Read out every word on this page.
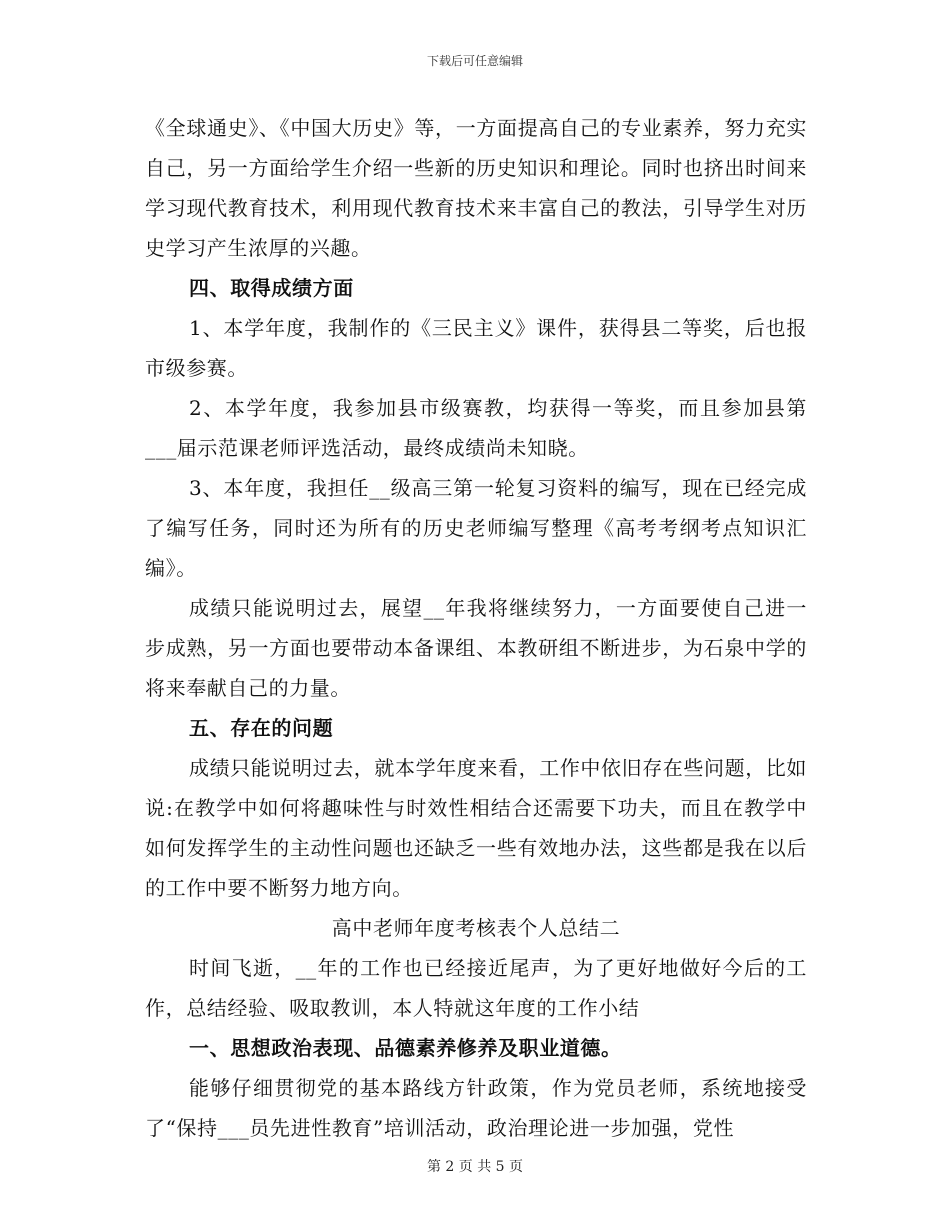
下载后可任意编辑

《全球通史》、《中国大历史》等，一方面提高自己的专业素养，努力充实自己，另一方面给学生介绍一些新的历史知识和理论。同时也挤出时间来学习现代教育技术，利用现代教育技术来丰富自己的教法，引导学生对历史学习产生浓厚的兴趣。

四、取得成绩方面

1、本学年度，我制作的《三民主义》课件，获得县二等奖，后也报市级参赛。

2、本学年度，我参加县市级赛教，均获得一等奖，而且参加县第___届示范课老师评选活动，最终成绩尚未知晓。

3、本年度，我担任__级高三第一轮复习资料的编写，现在已经完成了编写任务，同时还为所有的历史老师编写整理《高考考纲考点知识汇编》。

成绩只能说明过去，展望__年我将继续努力，一方面要使自己进一步成熟，另一方面也要带动本备课组、本教研组不断进步，为石泉中学的将来奉献自己的力量。

五、存在的问题

成绩只能说明过去，就本学年度来看，工作中依旧存在些问题，比如说:在教学中如何将趣味性与时效性相结合还需要下功夫，而且在教学中如何发挥学生的主动性问题也还缺乏一些有效地办法，这些都是我在以后的工作中要不断努力地方向。

高中老师年度考核表个人总结二

时间飞逝，__年的工作也已经接近尾声，为了更好地做好今后的工作，总结经验、吸取教训，本人特就这年度的工作小结

一、思想政治表现、品德素养修养及职业道德。

能够仔细贯彻党的基本路线方针政策，作为党员老师，系统地接受了“保持___员先进性教育”培训活动，政治理论进一步加强，党性

第 2 页 共 5 页
